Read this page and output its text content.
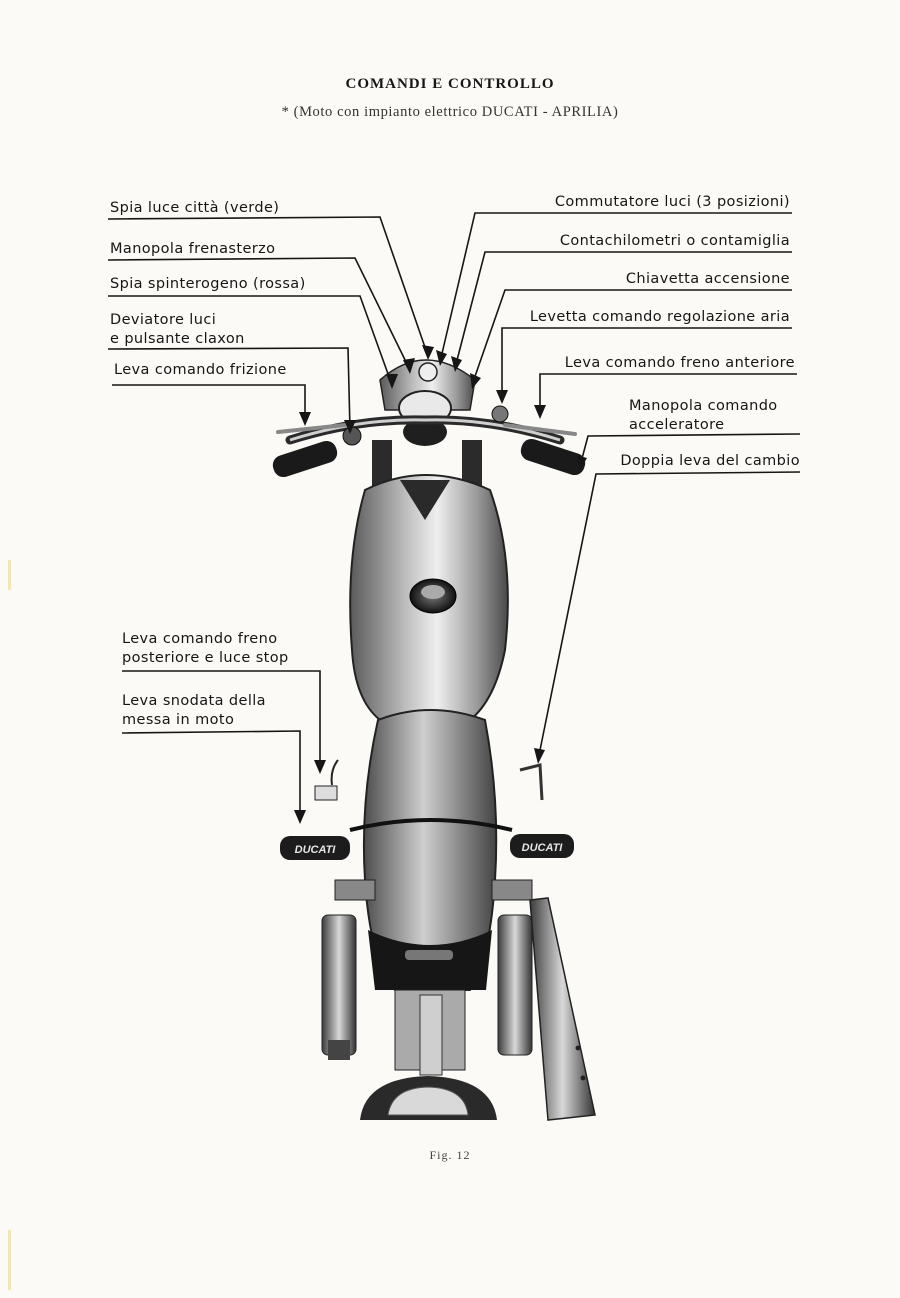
COMANDI E CONTROLLO
* (Moto con impianto elettrico DUCATI - APRILIA)
DUCATI	DUCATI
Spia luce città (verde)
Manopola frenasterzo
Spia spinterogeno (rossa)
Deviatore luci
e pulsante claxon
Leva comando frizione
Leva comando freno
posteriore e luce stop
Leva snodata della
messa in moto
Commutatore luci (3 posizioni)
Contachilometri o contamiglia
Chiavetta accensione
Levetta comando regolazione aria
Leva comando freno anteriore
Manopola comando
acceleratore
Doppia leva del cambio
Fig. 12
